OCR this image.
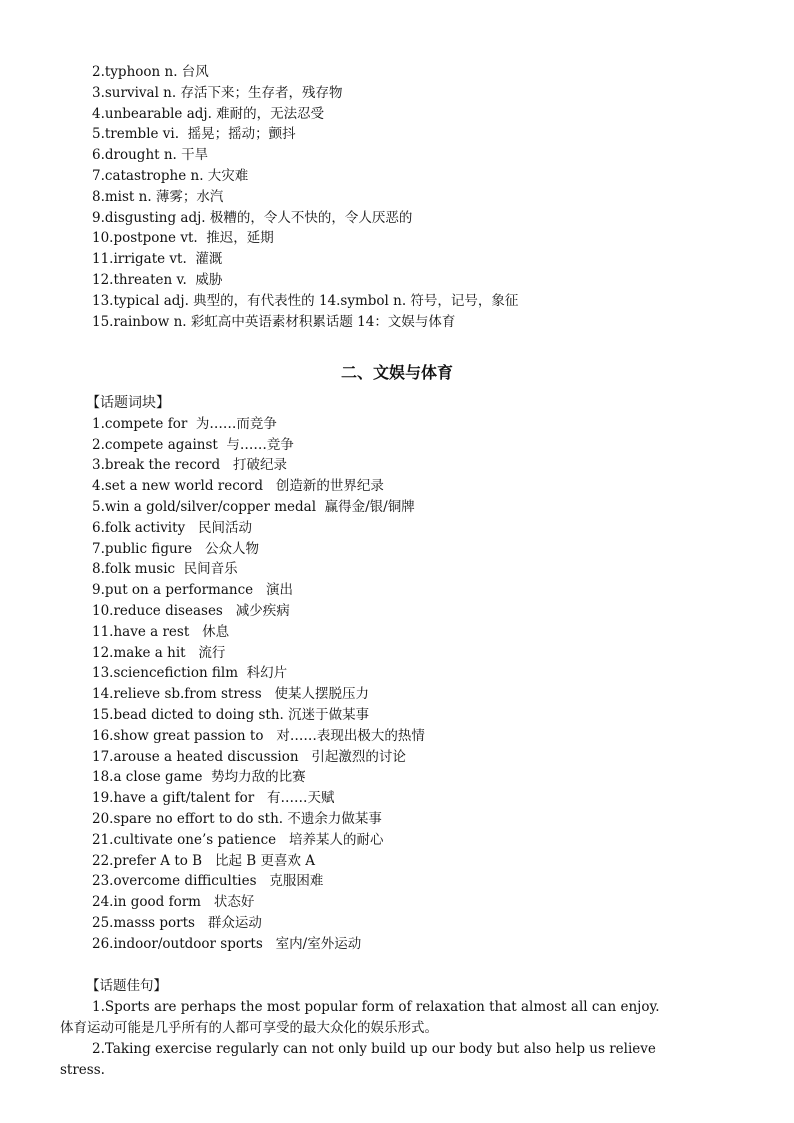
2.typhoon n. 台风
3.survival n. 存活下来；生存者，残存物
4.unbearable adj. 难耐的，无法忍受
5.tremble vi.  摇晃；摇动；颤抖
6.drought n. 干旱
7.catastrophe n. 大灾难
8.mist n. 薄雾；水汽
9.disgusting adj. 极糟的，令人不快的，令人厌恶的
10.postpone vt.  推迟，延期
11.irrigate vt.  灌溉
12.threaten v.  威胁
13.typical adj. 典型的，有代表性的 14.symbol n. 符号，记号，象征
15.rainbow n. 彩虹高中英语素材积累话题 14：文娱与体育
二、文娱与体育
【话题词块】
1.compete for  为……而竞争
2.compete against  与……竞争
3.break the record   打破纪录
4.set a new world record   创造新的世界纪录
5.win a gold/silver/copper medal  赢得金/银/铜牌
6.folk activity   民间活动
7.public figure   公众人物
8.folk music  民间音乐
9.put on a performance   演出
10.reduce diseases   减少疾病
11.have a rest   休息
12.make a hit   流行
13.sciencefiction film  科幻片
14.relieve sb.from stress   使某人摆脱压力
15.bead dicted to doing sth. 沉迷于做某事
16.show great passion to   对……表现出极大的热情
17.arouse a heated discussion   引起激烈的讨论
18.a close game  势均力敌的比赛
19.have a gift/talent for   有……天赋
20.spare no effort to do sth. 不遗余力做某事
21.cultivate one’s patience   培养某人的耐心
22.prefer A to B   比起 B 更喜欢 A
23.overcome difficulties   克服困难
24.in good form   状态好
25.masss ports   群众运动
26.indoor/outdoor sports   室内/室外运动
【话题佳句】
1.Sports are perhaps the most popular form of relaxation that almost all can enjoy.
体育运动可能是几乎所有的人都可享受的最大众化的娱乐形式。
2.Taking exercise regularly can not only build up our body but also help us relieve
stress.
